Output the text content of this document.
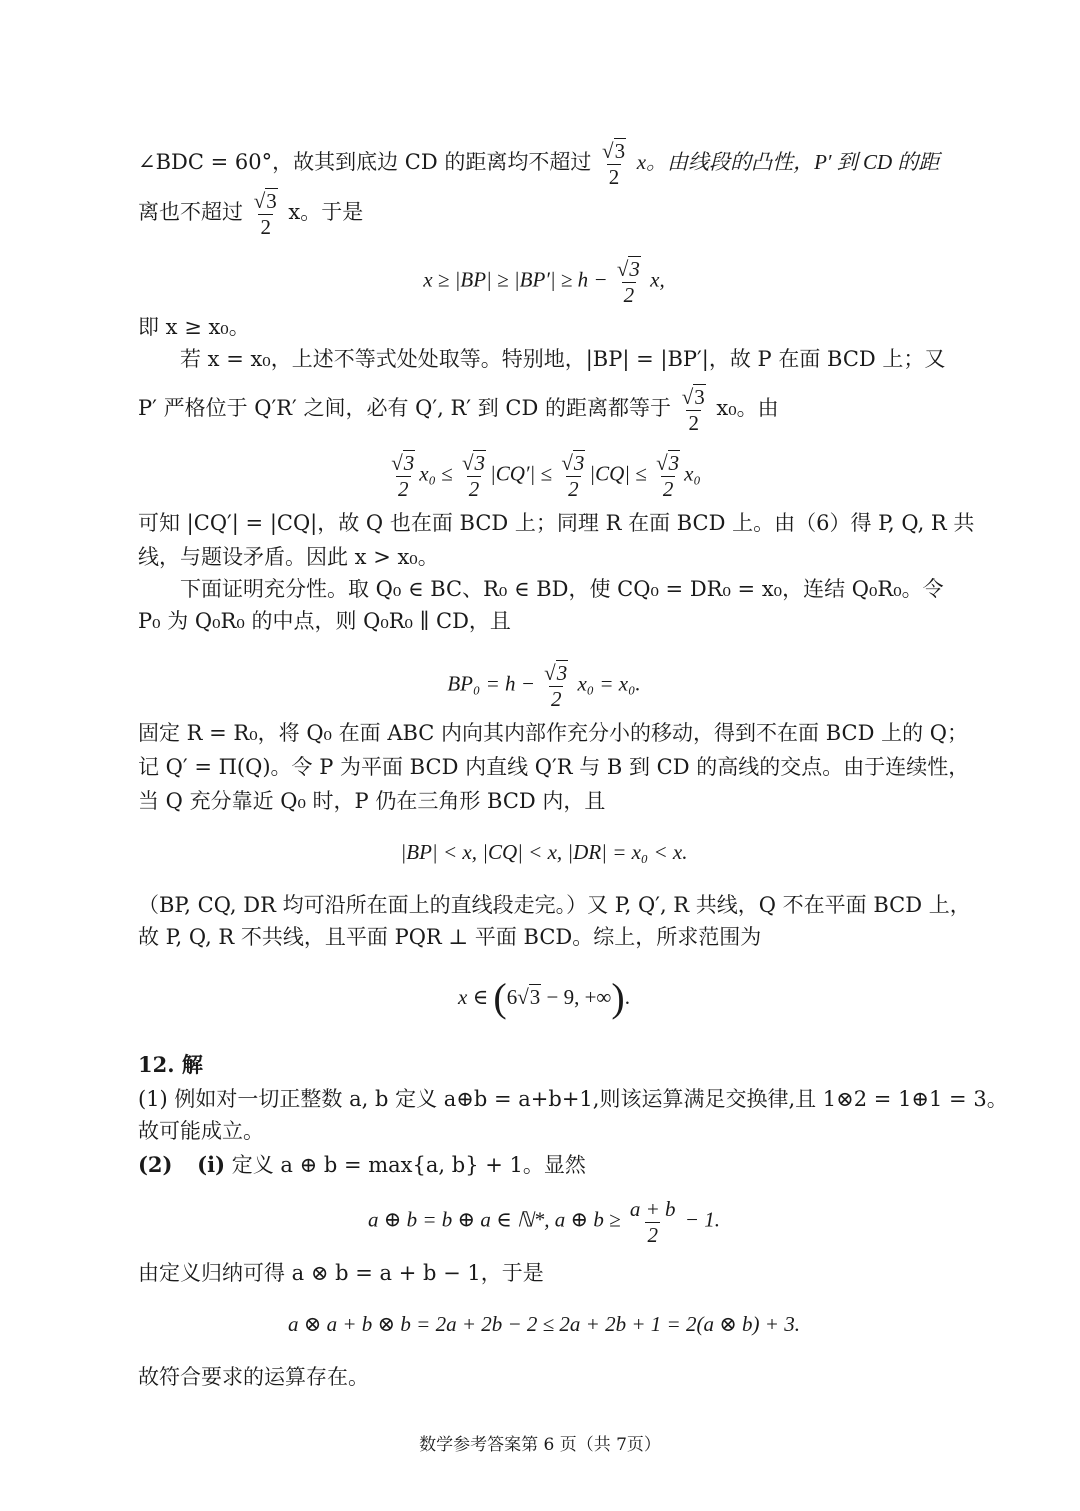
∠BDC = 60°，故其到底边 CD 的距离均不超过 $\frac{√3}{2}$ x。由线段的凸性，P′ 到 CD 的距
离也不超过 $\frac{√3}{2}$ x。于是
$x \ge |BP| \ge |BP'| \ge h - \frac{√3}{2} x$,
即 x ≥ x₀。
若 x = x₀，上述不等式处处取等。特别地，|BP| = |BP′|，故 P 在面 BCD 上；又
P′ 严格位于 Q′R′ 之间，必有 Q′, R′ 到 CD 的距离都等于 $\frac{√3}{2} x_0$。由
$\frac{√3}{2} x_0 \le \frac{√3}{2} |CQ'| \le \frac{√3}{2} |CQ| \le \frac{√3}{2} x_0$
可知 |CQ′| = |CQ|，故 Q 也在面 BCD 上；同理 R 在面 BCD 上。由（6）得 P, Q, R 共
线，与题设矛盾。因此 x > x₀。
下面证明充分性。取 Q₀ ∈ BC、R₀ ∈ BD，使 CQ₀ = DR₀ = x₀，连结 Q₀R₀。令
P₀ 为 Q₀R₀ 的中点，则 Q₀R₀ ∥ CD，且
$BP_0 = h - \frac{√3}{2} x_0 = x_0$.
固定 R = R₀，将 Q₀ 在面 ABC 内向其内部作充分小的移动，得到不在面 BCD 上的 Q；
记 Q′ = Π(Q)。令 P 为平面 BCD 内直线 Q′R 与 B 到 CD 的高线的交点。由于连续性，
当 Q 充分靠近 Q₀ 时，P 仍在三角形 BCD 内，且
|BP| < x, |CQ| < x, |DR| = x₀ < x.
（BP, CQ, DR 均可沿所在面上的直线段走完。）又 P, Q′, R 共线，Q 不在平面 BCD 上，
故 P, Q, R 不共线，且平面 PQR ⊥ 平面 BCD。综上，所求范围为
x ∈ (6√3 − 9, +∞).
12. 解
(1) 例如对一切正整数 a, b 定义 a⊕b = a+b+1,则该运算满足交换律,且 1⊗2 = 1⊕1 = 3。
故可能成立。
(2) (i) 定义 a ⊕ b = max{a, b} + 1。显然
a ⊕ b = b ⊕ a ∈ ℕ*, a ⊕ $b \ge \frac{a + b}{2} - 1$.
由定义归纳可得 a ⊗ b = a + b − 1，于是
a ⊗ a + b ⊗ b = 2a + 2b − 2 ≤ 2a + 2b + 1 = 2(a ⊗ b) + 3.
故符合要求的运算存在。
数学参考答案第 6 页（共 7页）
